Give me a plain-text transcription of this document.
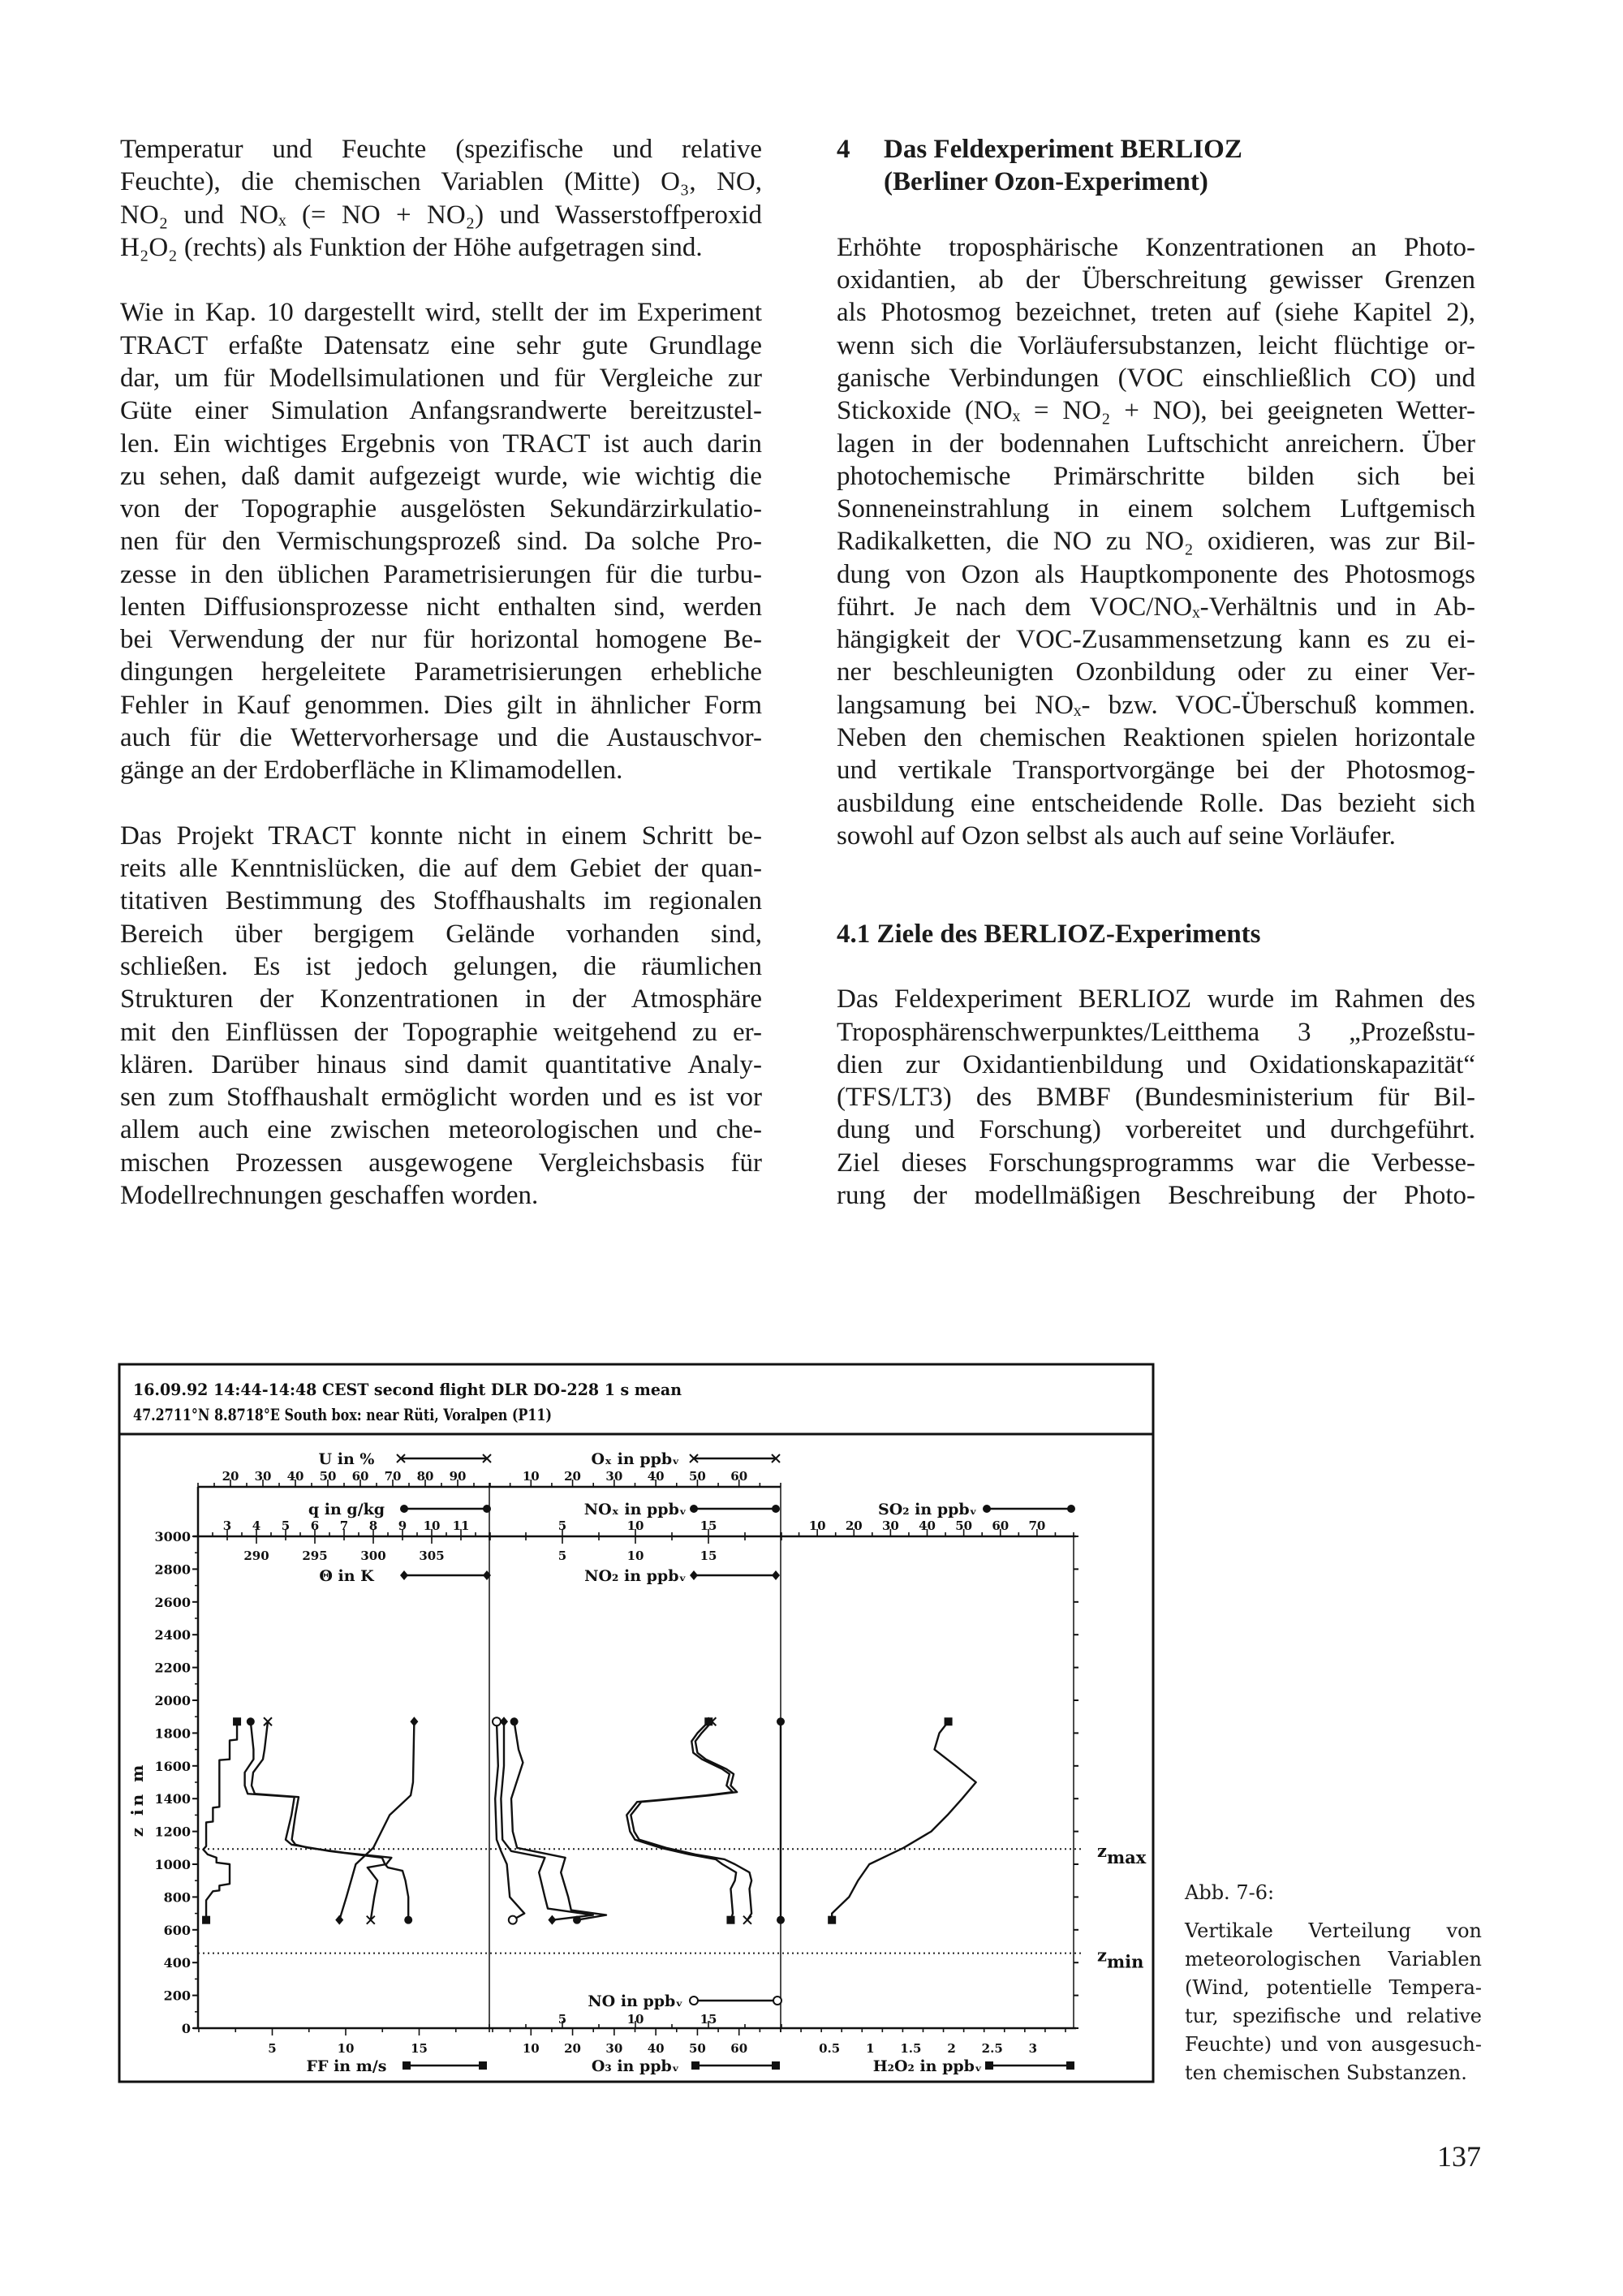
Temperatur und Feuchte (spezifische und relative
Feuchte), die chemischen Variablen (Mitte) O₃, NO,
NO₂ und NOₓ (= NO + NO₂) und Wasserstoffperoxid
H₂O₂ (rechts) als Funktion der Höhe aufgetragen sind.
Wie in Kap. 10 dargestellt wird, stellt der im Experiment
TRACT erfaßte Datensatz eine sehr gute Grundlage
dar, um für Modellsimulationen und für Vergleiche zur
Güte einer Simulation Anfangsrandwerte bereitzustel-
len. Ein wichtiges Ergebnis von TRACT ist auch darin
zu sehen, daß damit aufgezeigt wurde, wie wichtig die
von der Topographie ausgelösten Sekundärzirkulatio-
nen für den Vermischungsprozeß sind. Da solche Pro-
zesse in den üblichen Parametrisierungen für die turbu-
lenten Diffusionsprozesse nicht enthalten sind, werden
bei Verwendung der nur für horizontal homogene Be-
dingungen hergeleitete Parametrisierungen erhebliche
Fehler in Kauf genommen. Dies gilt in ähnlicher Form
auch für die Wettervorhersage und die Austauschvor-
gänge an der Erdoberfläche in Klimamodellen.
Das Projekt TRACT konnte nicht in einem Schritt be-
reits alle Kenntnislücken, die auf dem Gebiet der quan-
titativen Bestimmung des Stoffhaushalts im regionalen
Bereich über bergigem Gelände vorhanden sind,
schließen. Es ist jedoch gelungen, die räumlichen
Strukturen der Konzentrationen in der Atmosphäre
mit den Einflüssen der Topographie weitgehend zu er-
klären. Darüber hinaus sind damit quantitative Analy-
sen zum Stoffhaushalt ermöglicht worden und es ist vor
allem auch eine zwischen meteorologischen und che-
mischen Prozessen ausgewogene Vergleichsbasis für
Modellrechnungen geschaffen worden.
4 Das Feldexperiment BERLIOZ
(Berliner Ozon-Experiment)
Erhöhte troposphärische Konzentrationen an Photo-
oxidantien, ab der Überschreitung gewisser Grenzen
als Photosmog bezeichnet, treten auf (siehe Kapitel 2),
wenn sich die Vorläufersubstanzen, leicht flüchtige or-
ganische Verbindungen (VOC einschließlich CO) und
Stickoxide (NOₓ = NO₂ + NO), bei geeigneten Wetter-
lagen in der bodennahen Luftschicht anreichern. Über
photochemische Primärschritte bilden sich bei
Sonneneinstrahlung in einem solchem Luftgemisch
Radikalketten, die NO zu NO₂ oxidieren, was zur Bil-
dung von Ozon als Hauptkomponente des Photosmogs
führt. Je nach dem VOC/NOₓ-Verhältnis und in Ab-
hängigkeit der VOC-Zusammensetzung kann es zu ei-
ner beschleunigten Ozonbildung oder zu einer Ver-
langsamung bei NOₓ- bzw. VOC-Überschuß kommen.
Neben den chemischen Reaktionen spielen horizontale
und vertikale Transportvorgänge bei der Photosmog-
ausbildung eine entscheidende Rolle. Das bezieht sich
sowohl auf Ozon selbst als auch auf seine Vorläufer.
4.1 Ziele des BERLIOZ-Experiments
Das Feldexperiment BERLIOZ wurde im Rahmen des
Troposphärenschwerpunktes/Leitthema 3 „Prozeßstu-
dien zur Oxidantienbildung und Oxidationskapazität“
(TFS/LT3) des BMBF (Bundesministerium für Bil-
dung und Forschung) vorbereitet und durchgeführt.
Ziel dieses Forschungsprogramms war die Verbesse-
rung der modellmäßigen Beschreibung der Photo-
16.09.92 14:44-14:48 CEST second flight DLR DO-228 1 s mean
47.2711°N 8.8718°E South box: near Rüti, Voralpen (P11)
z in m
0
200
400
600
800
1000
1200
1400
1600
1800
2000
2200
2400
2600
2800
3000
zmax
zmin
20 30 40 50 60 70 80 90
U in %
10 20 30 40 50 60
Oₓ in ppbᵥ
3 4 5 6 7 8 9 10 11
q in g/kg
5	10	15
NOₓ in ppbᵥ
10 20 30 40 50 60 70
SO₂ in ppbᵥ
290	295	300	305
Θ in K
5	10	15
NO₂ in ppbᵥ
5	10	15
NO in ppbᵥ
5	10	15
FF in m/s
10 20 30 40 50 60
O₃ in ppbᵥ
0.5 1 1.5 2 2.5 3
H₂O₂ in ppbᵥ
Abb. 7-6:
Vertikale Verteilung von
meteorologischen Variablen
(Wind, potentielle Tempera-
tur, spezifische und relative
Feuchte) und von ausgesuch-
ten chemischen Substanzen.
137
